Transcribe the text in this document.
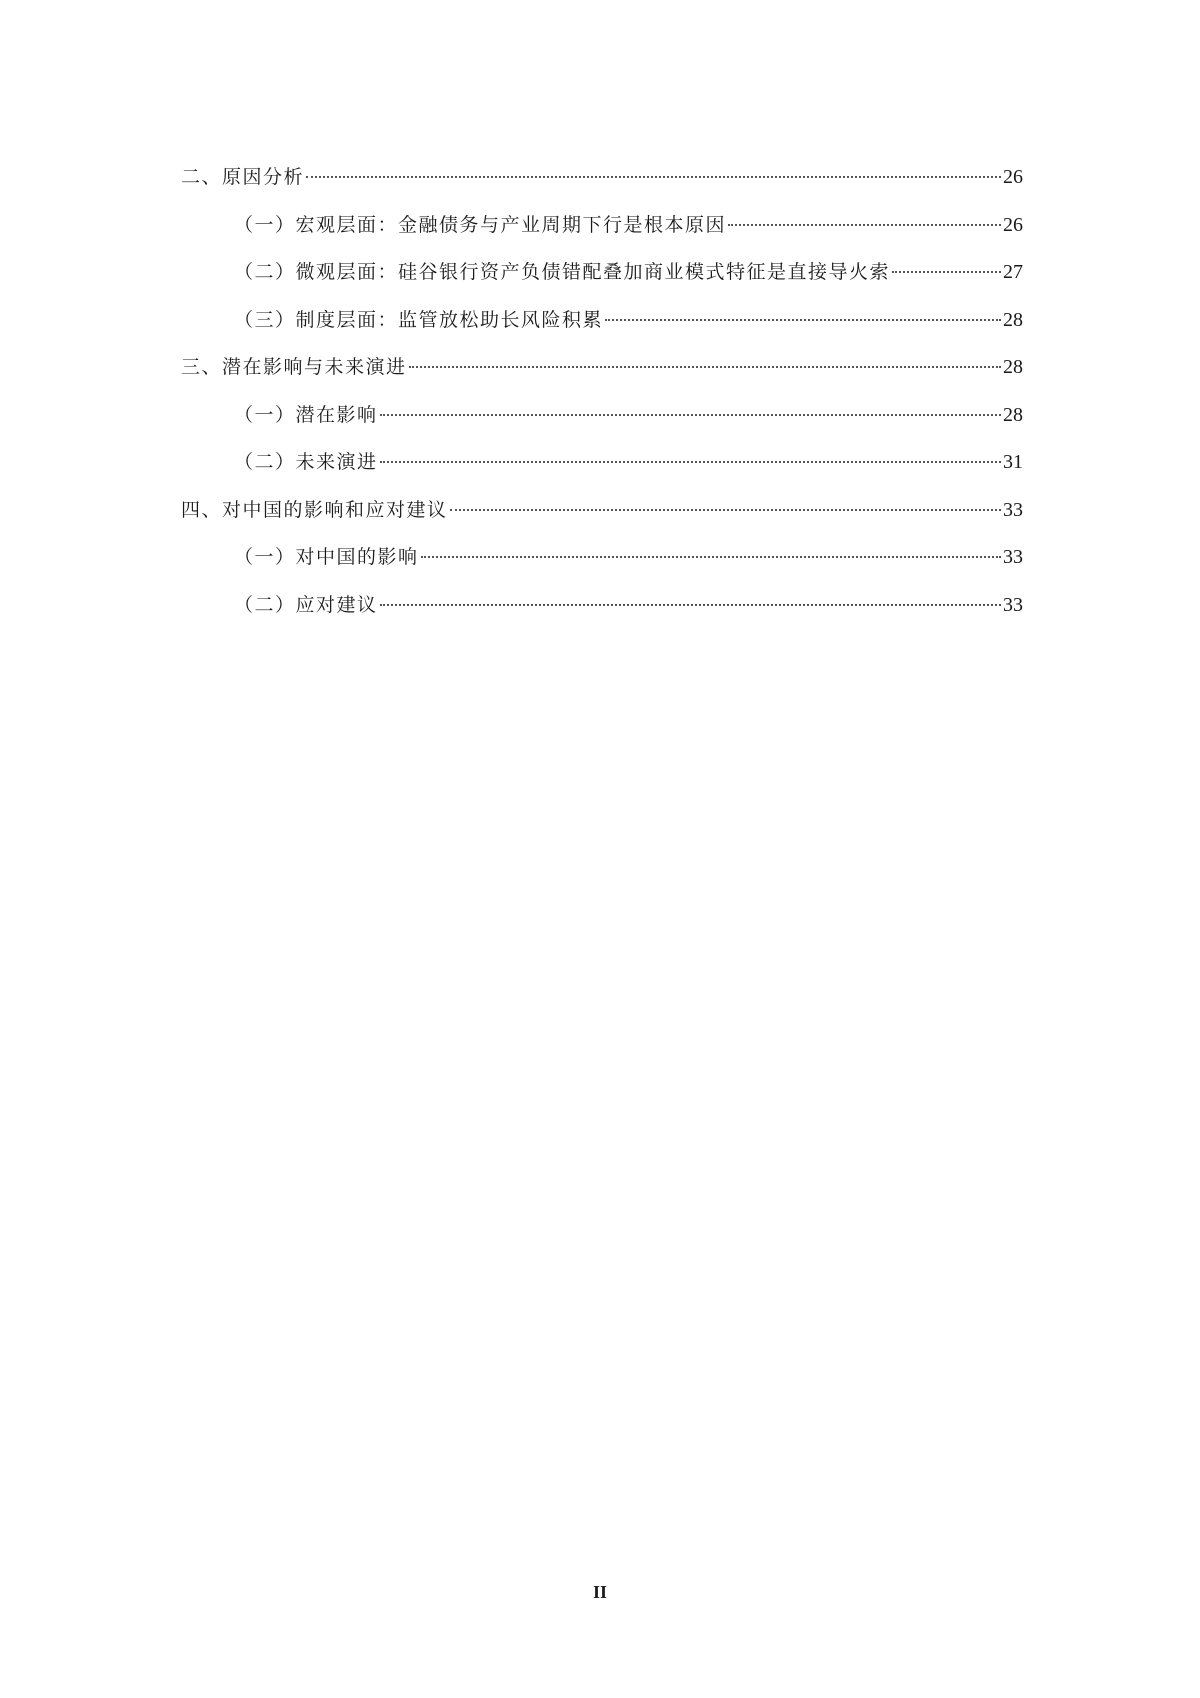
二、原因分析	26
（一）宏观层面：金融债务与产业周期下行是根本原因	26
（二）微观层面：硅谷银行资产负债错配叠加商业模式特征是直接导火索	27
（三）制度层面：监管放松助长风险积累	28
三、潜在影响与未来演进	28
（一）潜在影响	28
（二）未来演进	31
四、对中国的影响和应对建议	33
（一）对中国的影响	33
（二）应对建议	33
II
